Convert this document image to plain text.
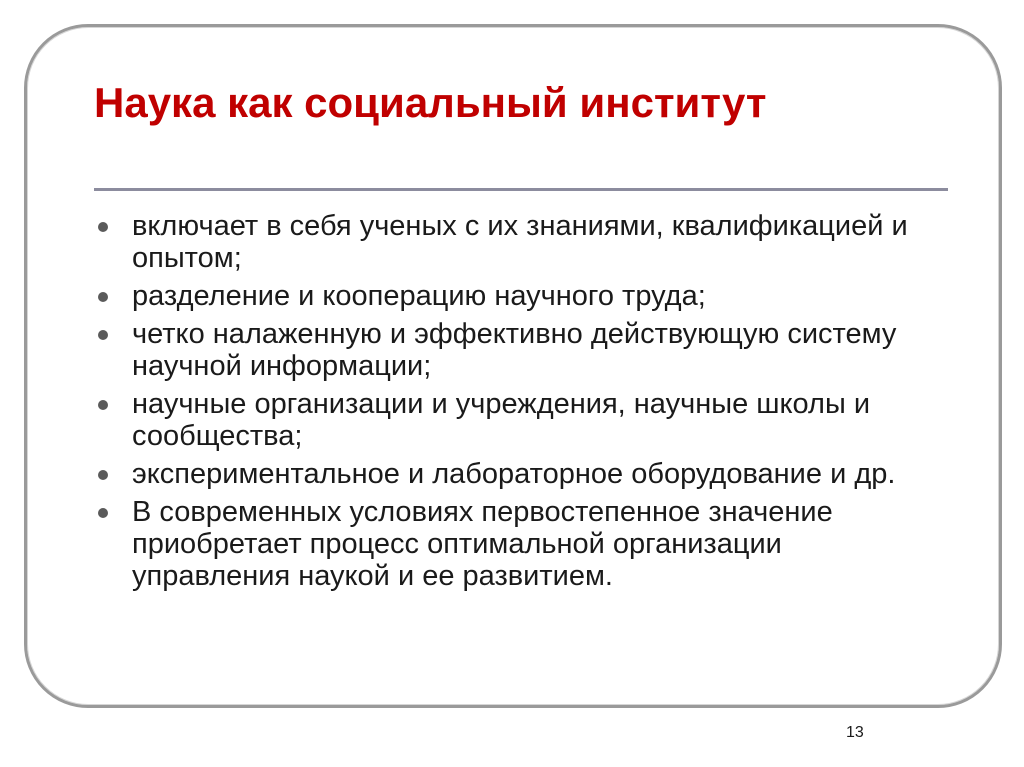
Наука как социальный институт
включает в себя ученых с их знаниями, квалификацией и опытом;
разделение и кооперацию научного труда;
четко налаженную и эффективно действующую систему научной информации;
научные организации и учреждения, научные школы и сообщества;
экспериментальное и лабораторное оборудование и др.
В современных условиях первостепенное значение приобретает процесс оптимальной организации управления наукой и ее развитием.
13
